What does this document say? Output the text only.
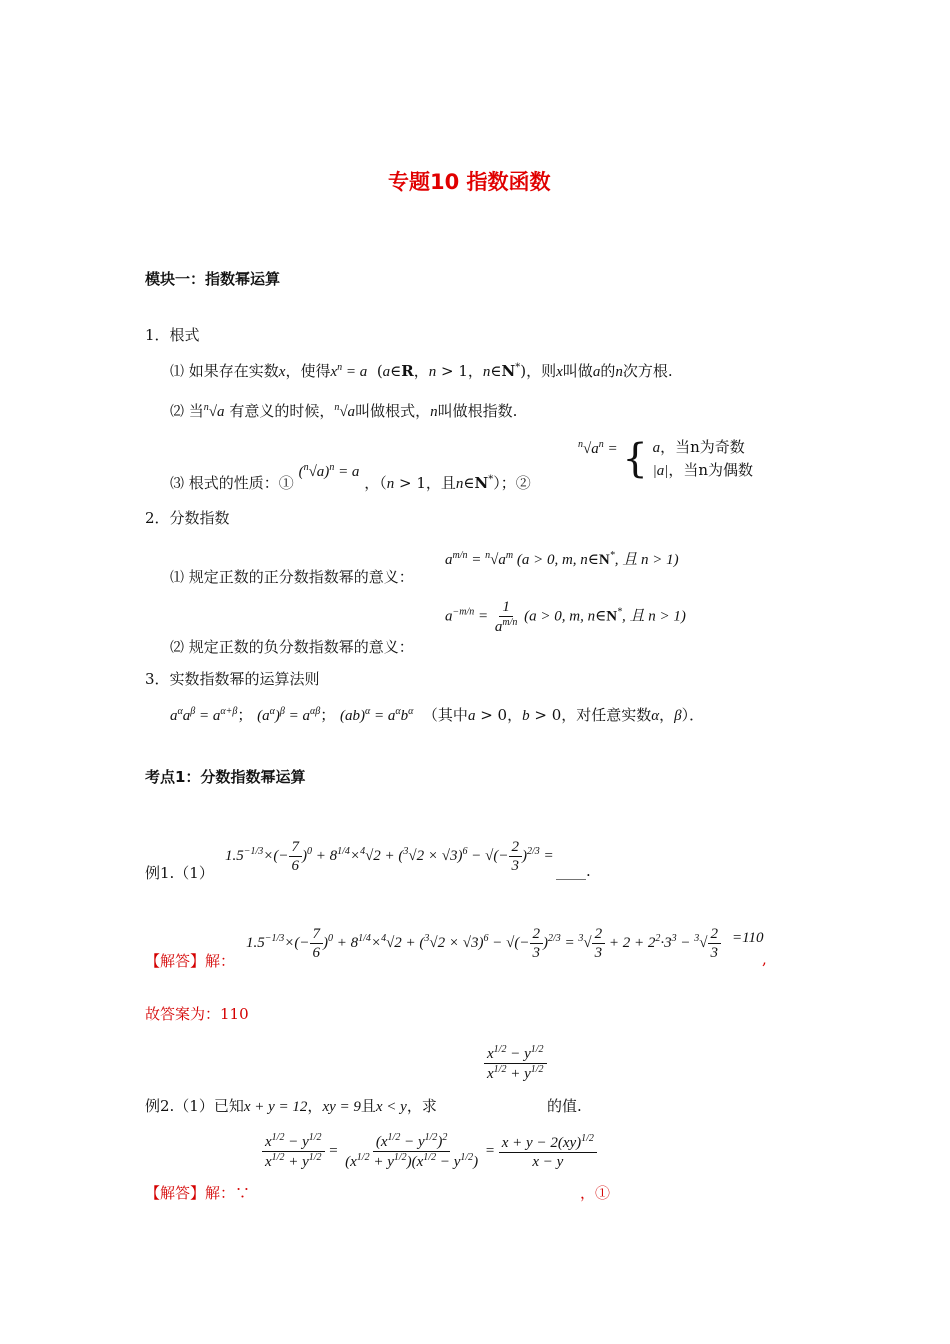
专题10 指数函数
模块一：指数幂运算
1．根式
⑴ 如果存在实数x，使得$x^n = a$  (a∈R，n > 1，n∈N*)，则x叫做a的n次方根.
⑵ 当$^n$√a 有意义的时候，$^n$√a叫做根式，n叫做根指数.
⑶ 根式的性质：① $(^n√a)^n = a$ ，（n > 1，且n∈N*）；②
$^n√a^n$ = { a，当n为奇数
|a|，当n为偶数
2．分数指数
⑴ 规定正数的正分数指数幂的意义：
$a^{m/n} = ^n√a^m$ (a > 0, m, n∈N*, 且 n > 1)
⑵ 规定正数的负分数指数幂的意义：
$a^{-m/n} = \frac{1}{a^{m/n}} (a > 0$, m, n∈N*, 且 n > 1)
3．实数指数幂的运算法则
$a^\alpha a^\beta = a^{\alpha+\beta}$； $(a^\alpha)^\beta = a^{\alpha\beta}$； $(ab)^\alpha = a^\alpha b^\alpha$ （其中a > 0，b > 0，对任意实数α，β）．
考点1：分数指数幂运算
例1.（1）
$1.5^{-1/3}\times(- \frac{7}{6} )^0 + 8^{1/4}\times^4√2 + (^3√2 \times √3)^6$ − √(− $\frac{2}{3} )^{2/3}$ =
____.
【解答】解：
$1.5^{-1/3}\times(- \frac{7}{6} )^0 + 8^{1/4}\times^4√2 + (^3√2 \times √3)^6$ − √(− $\frac{2}{3} )^{2/3} = ^3√ \frac{2}{3} + 2 + 2^2\cdot 3^3 - ^3√ \frac{2}{3} =110$
,
故答案为：110
例2.（1）已知x + y = 12，xy = 9且x < y，求
$\frac{x^{1/2} - y^{1/2}}{x^{1/2} + y^{1/2}}$
的值.
【解答】解：∵
$\frac{x^{1/2} - y^{1/2}}{x^{1/2} + y^{1/2}} = \frac{(x^{1/2} - y^{1/2})^2}{(x^{1/2} + y^{1/2})(x^{1/2} - y^{1/2})} = \frac{x + y - 2(xy)^{1/2}}{x - y}$
，①
